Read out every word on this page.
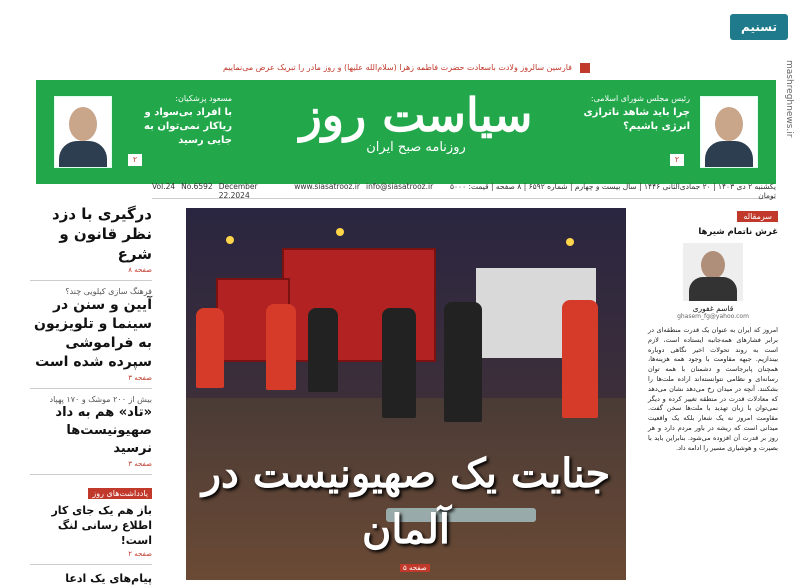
تسنیم
mashreghnews.ir
فارسینِ سالروز ولادت باسعادت حضرت فاطمه زهرا (سلام‌الله علیها) و روز مادر را تبریک عرض می‌نماییم
سیاست روز
روزنامه صبح ایران
مسعود پزشکیان:
با افراد بی‌سواد و ریاکار نمی‌توان به جایی رسید
۲
رئیس مجلس شورای اسلامی:
چرا باید شاهد ناترازی انرژی باشیم؟
۲
Vol.24 No.6592 December 22.2024
www.siasatrooz.ir info@siasatrooz.ir	یکشنبه ۲ دی ۱۴۰۳ | ۲۰ جمادی‌الثانی ۱۴۴۶ | سال بیست و چهارم | شماره ۶۵۹۲ | ۸ صفحه | قیمت: ۵۰۰۰ تومان
درگیری با دزد نظر قانون و شرع
صفحه ۸
فرهنگ سازی کیلویی چند؟
آیین و سنن در سینما و تلویزیون به فراموشی سپرده شده است
صفحه ۳
بیش از ۲۰۰ موشک و ۱۷۰ پهپاد
«تاد» هم به داد صهیونیست‌ها نرسید
صفحه ۳
یادداشت‌های روز
باز هم یک جای کار اطلاع رسانی لنگ است!
صفحه ۲
پیام‌های یک ادعا
جنایت یک صهیونیست در آلمان
صفحه ۵
سرمقاله
غرش ناتمام شیرها
قاسم غفوری
ghasem_fg@yahoo.com
امروز که ایران به عنوان یک قدرت منطقه‌ای در برابر فشارهای همه‌جانبه ایستاده است، لازم است به روند تحولات اخیر نگاهی دوباره بیندازیم. جبهه مقاومت با وجود همه هزینه‌ها، همچنان پابرجاست و دشمنان با همه توان رسانه‌ای و نظامی نتوانسته‌اند اراده ملت‌ها را بشکنند. آنچه در میدان رخ می‌دهد نشان می‌دهد که معادلات قدرت در منطقه تغییر کرده و دیگر نمی‌توان با زبان تهدید با ملت‌ها سخن گفت. مقاومت امروز نه یک شعار بلکه یک واقعیت میدانی است که ریشه در باور مردم دارد و هر روز بر قدرت آن افزوده می‌شود. بنابراین باید با بصیرت و هوشیاری مسیر را ادامه داد.
